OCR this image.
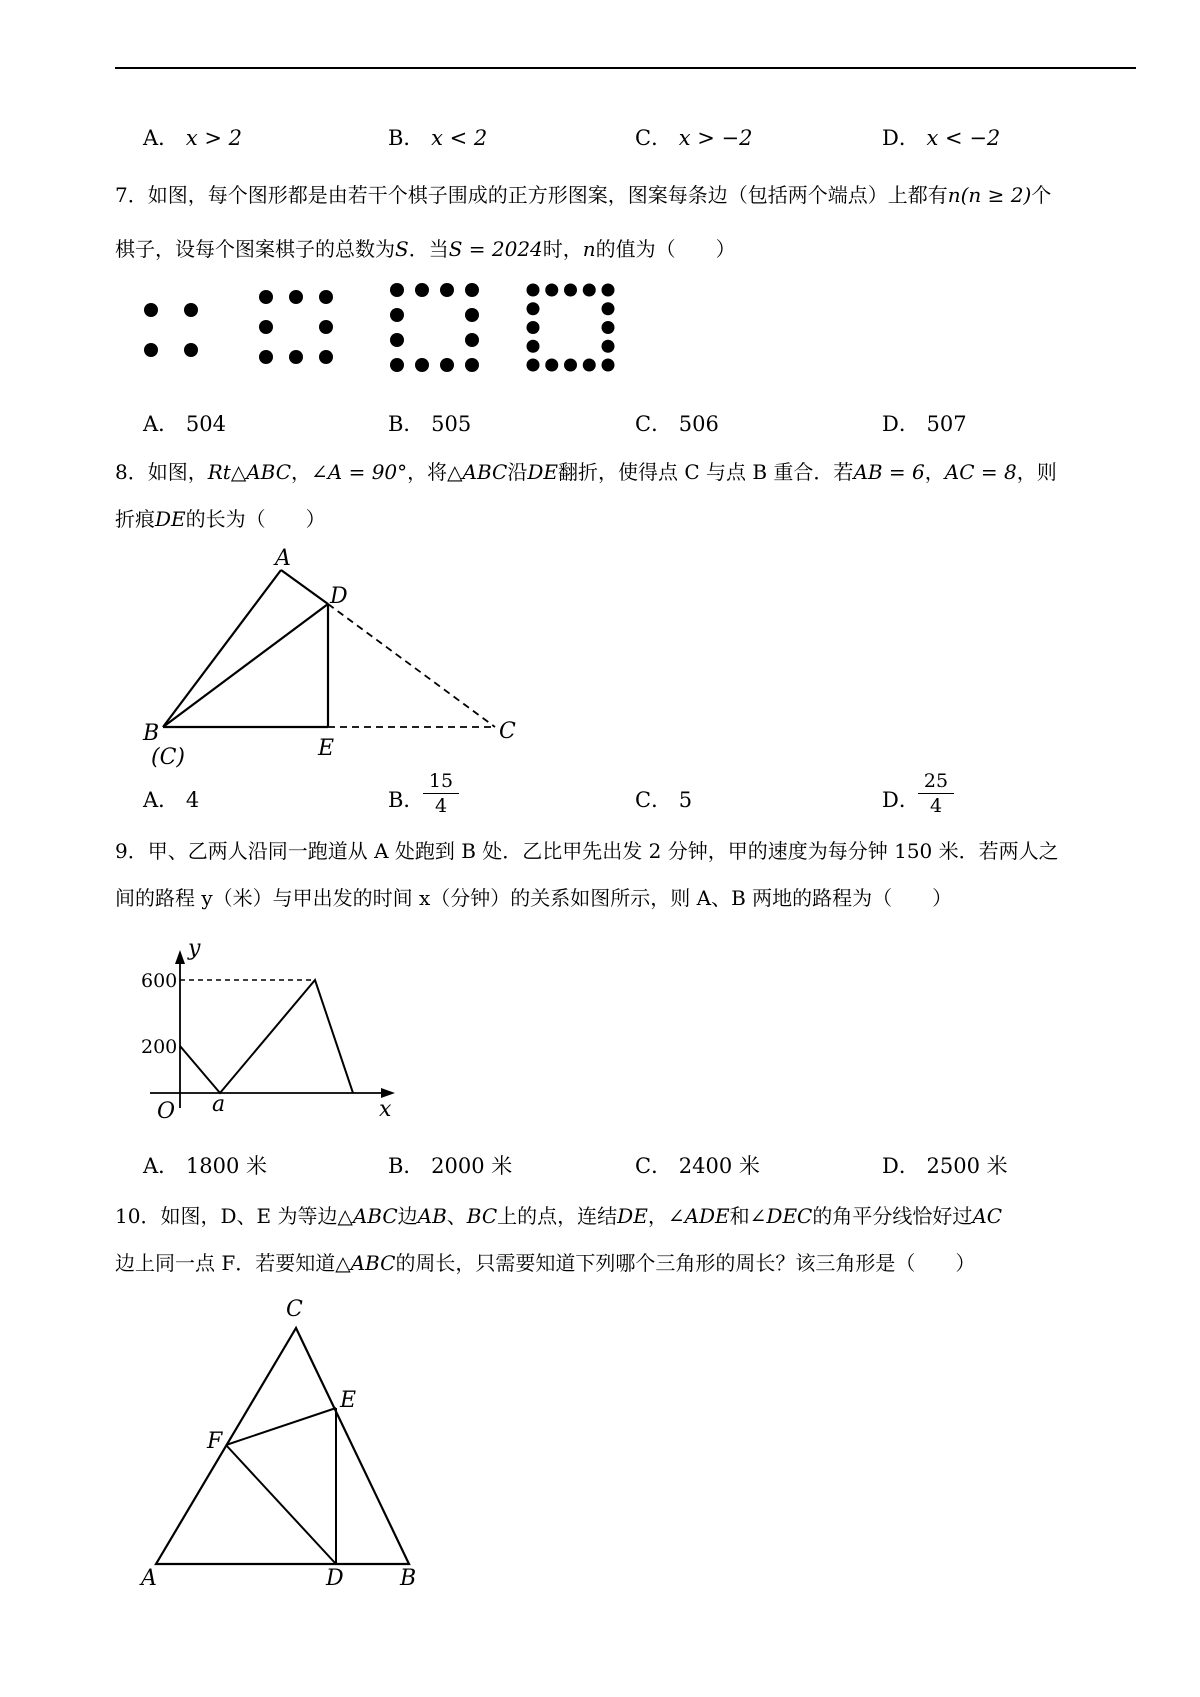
A． x > 2	B． x < 2	C． x > −2	D． x < −2
7．如图，每个图形都是由若干个棋子围成的正方形图案，图案每条边（包括两个端点）上都有n(n ≥ 2)个
棋子，设每个图案棋子的总数为S．当S = 2024时，n的值为（　　）
A． 504	B． 505	C． 506	D． 507
8．如图，Rt△ABC，∠A = 90°，将△ABC沿DE翻折，使得点 C 与点 B 重合．若AB = 6，AC = 8，则
折痕DE的长为（　　）
A
D
B
(C)	E
C
A． 4	B．
15
4	C． 5	D．
25
4
9．甲、乙两人沿同一跑道从 A 处跑到 B 处．乙比甲先出发 2 分钟，甲的速度为每分钟 150 米．若两人之
间的路程 y（米）与甲出发的时间 x（分钟）的关系如图所示，则 A、B 两地的路程为（　　）
y
x
O a
600
200
A． 1800 米	B． 2000 米	C． 2400 米	D． 2500 米
10．如图，D、E 为等边△ABC边AB、BC上的点，连结DE，∠ADE和∠DEC的角平分线恰好过AC
边上同一点 F．若要知道△ABC的周长，只需要知道下列哪个三角形的周长？该三角形是（　　）
C
E
F
A	D	B
